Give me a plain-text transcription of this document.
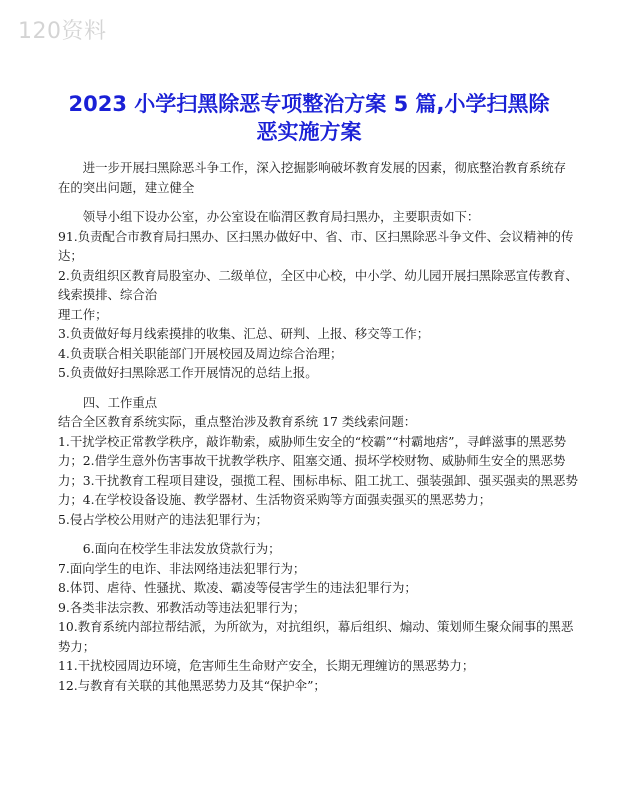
120资料
2023 小学扫黑除恶专项整治方案 5 篇,小学扫黑除恶实施方案

进一步开展扫黑除恶斗争工作，深入挖掘影响破坏教育发展的因素，彻底整治教育系统存在的突出问题，建立健全

领导小组下设办公室，办公室设在临渭区教育局扫黑办，主要职责如下：

91.负责配合市教育局扫黑办、区扫黑办做好中、省、市、区扫黑除恶斗争文件、会议精神的传达；

2.负责组织区教育局股室办、二级单位，全区中心校，中小学、幼儿园开展扫黑除恶宣传教育、线索摸排、综合治

理工作；

3.负责做好每月线索摸排的收集、汇总、研判、上报、移交等工作；

4.负责联合相关职能部门开展校园及周边综合治理；

5.负责做好扫黑除恶工作开展情况的总结上报。

四、工作重点

结合全区教育系统实际，重点整治涉及教育系统 17 类线索问题：

1.干扰学校正常教学秩序，敲诈勒索，威胁师生安全的“校霸”“村霸地痞”，寻衅滋事的黑恶势力；2.借学生意外伤害事故干扰教学秩序、阻塞交通、损坏学校财物、威胁师生安全的黑恶势力；3.干扰教育工程项目建设，强揽工程、围标串标、阻工扰工、强装强卸、强买强卖的黑恶势力；4.在学校设备设施、教学器材、生活物资采购等方面强卖强买的黑恶势力；

5.侵占学校公用财产的违法犯罪行为；

6.面向在校学生非法发放贷款行为；

7.面向学生的电诈、非法网络违法犯罪行为；

8.体罚、虐待、性骚扰、欺凌、霸凌等侵害学生的违法犯罪行为；

9.各类非法宗教、邪教活动等违法犯罪行为；

10.教育系统内部拉帮结派，为所欲为，对抗组织，幕后组织、煽动、策划师生聚众闹事的黑恶势力；

11.干扰校园周边环境，危害师生生命财产安全，长期无理缠访的黑恶势力；

12.与教育有关联的其他黑恶势力及其“保护伞”；
